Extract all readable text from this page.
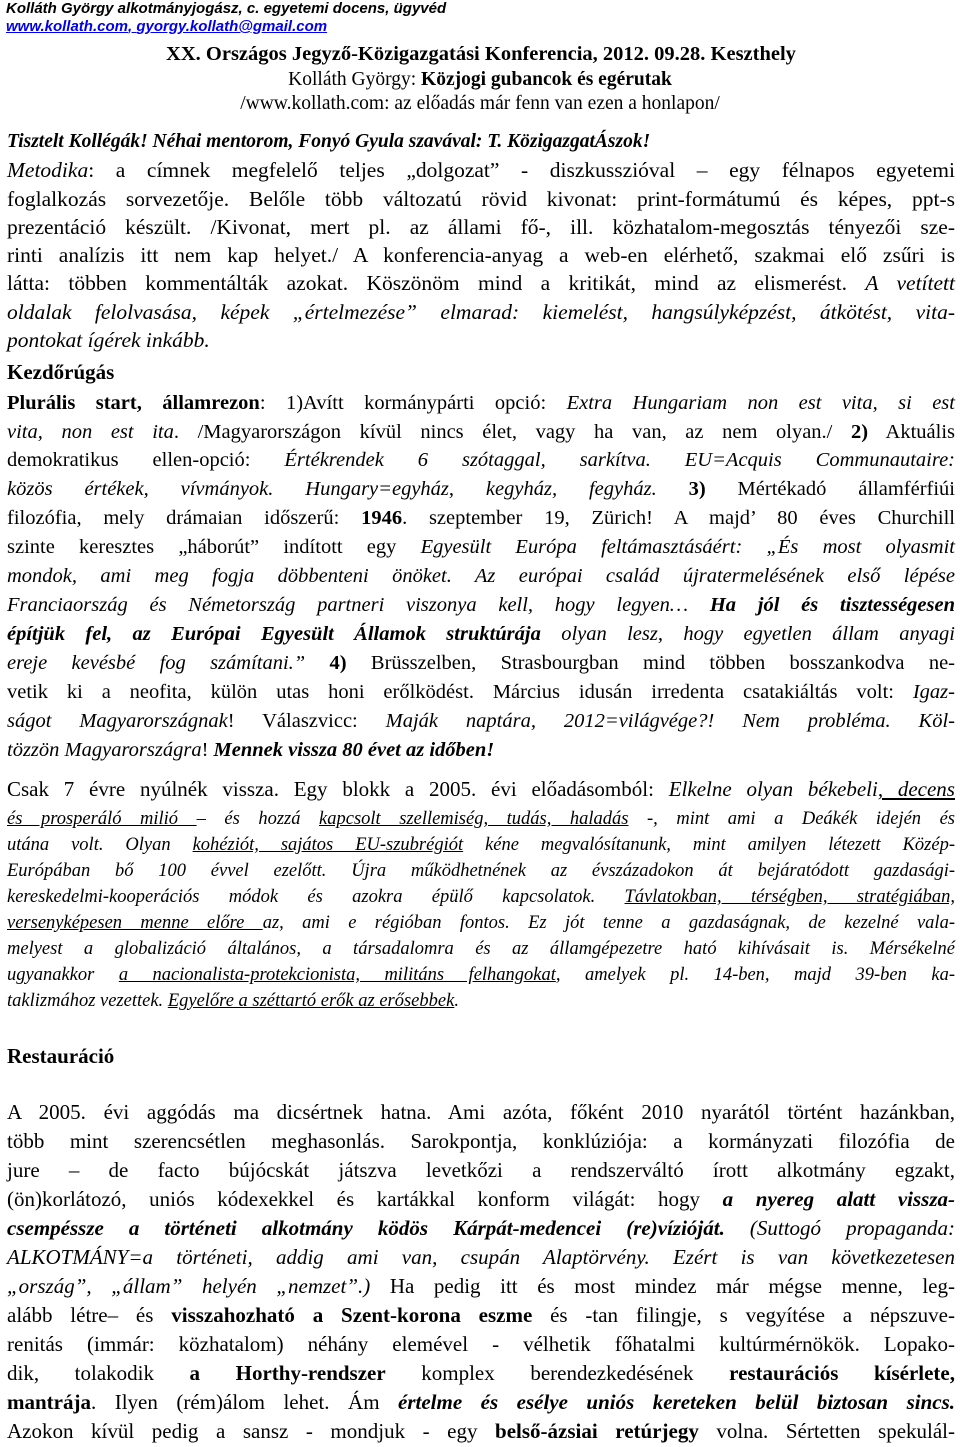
Kolláth György alkotmányjogász, c. egyetemi docens, ügyvéd
www.kollath.com, gyorgy.kollath@gmail.com
XX. Országos Jegyző-Közigazgatási Konferencia, 2012. 09.28. Keszthely
Kolláth György: Közjogi gubancok és egérutak
/www.kollath.com: az előadás már fenn van ezen a honlapon/
Tisztelt Kollégák! Néhai mentorom, Fonyó Gyula szavával: T. KözigazgatÁszok!
Metodika: a címnek megfelelő teljes „dolgozat” - diszkusszióval – egy félnapos egyetemi
foglalkozás sorvezetője. Belőle több változatú rövid kivonat: print-formátumú és képes, ppt-s
prezentáció készült. /Kivonat, mert pl. az állami fő-, ill. közhatalom-megosztás tényezői sze-
rinti analízis itt nem kap helyet./ A konferencia-anyag a web-en elérhető, szakmai elő zsűri is
látta: többen kommentálták azokat. Köszönöm mind a kritikát, mind az elismerést. A vetített
oldalak felolvasása, képek „értelmezése” elmarad: kiemelést, hangsúlyképzést, átkötést, vita-
pontokat ígérek inkább.
Kezdőrúgás
Plurális start, államrezon: 1)Avítt kormánypárti opció: Extra Hungariam non est vita, si est
vita, non est ita. /Magyarországon kívül nincs élet, vagy ha van, az nem olyan./ 2) Aktuális
demokratikus ellen-opció: Értékrendek 6 szótaggal, sarkítva. EU=Acquis Communautaire:
közös értékek, vívmányok. Hungary=egyház, kegyház, fegyház. 3) Mértékadó államférfiúi
filozófia, mely drámaian időszerű: 1946. szeptember 19, Zürich! A majd’ 80 éves Churchill
szinte keresztes „háborút” indított egy Egyesült Európa feltámasztásáért: „És most olyasmit
mondok, ami meg fogja döbbenteni önöket. Az európai család újratermelésének első lépése
Franciaország és Németország partneri viszonya kell, hogy legyen… Ha jól és tisztességesen
építjük fel, az Európai Egyesült Államok struktúrája olyan lesz, hogy egyetlen állam anyagi
ereje kevésbé fog számítani.” 4) Brüsszelben, Strasbourgban mind többen bosszankodva ne-
vetik ki a neofita, külön utas honi erőlködést. Március idusán irredenta csatakiáltás volt: Igaz-
ságot Magyarországnak! Válaszvicc: Maják naptára, 2012=világvége?! Nem probléma. Köl-
tözzön Magyarországra! Mennek vissza 80 évet az időben!
Csak 7 évre nyúlnék vissza. Egy blokk a 2005. évi előadásomból: Elkelne olyan békebeli, decens
és prosperáló milió – és hozzá kapcsolt szellemiség, tudás, haladás -, mint ami a Deákék idején és
utána volt. Olyan kohéziót, sajátos EU-szubrégiót kéne megvalósítanunk, mint amilyen létezett Közép-
Európában bő 100 évvel ezelőtt. Újra működhetnének az évszázadokon át bejáratódott gazdasági-
kereskedelmi-kooperációs módok és azokra épülő kapcsolatok. Távlatokban, térségben, stratégiában,
versenyképesen menne előre az, ami e régióban fontos. Ez jót tenne a gazdaságnak, de kezelné vala-
melyest a globalizáció általános, a társadalomra és az államgépezetre ható kihívásait is. Mérsékelné
ugyanakkor a nacionalista-protekcionista, militáns felhangokat, amelyek pl. 14-ben, majd 39-ben ka-
taklizmához vezettek. Egyelőre a széttartó erők az erősebbek.
Restauráció
A 2005. évi aggódás ma dicsértnek hatna. Ami azóta, főként 2010 nyarától történt hazánkban,
több mint szerencsétlen meghasonlás. Sarokpontja, konklúziója: a kormányzati filozófia de
jure – de facto bújócskát játszva levetkőzi a rendszerváltó írott alkotmány egzakt,
(ön)korlátozó, uniós kódexekkel és kartákkal konform világát: hogy a nyereg alatt vissza-
csempéssze a történeti alkotmány ködös Kárpát-medencei (re)vízióját. (Suttogó propaganda:
ALKOTMÁNY=a történeti, addig ami van, csupán Alaptörvény. Ezért is van következetesen
„ország”, „állam” helyén „nemzet”.) Ha pedig itt és most mindez már mégse menne, leg-
alább létre– és visszahozható a Szent-korona eszme és -tan filingje, s vegyítése a népszuve-
renitás (immár: közhatalom) néhány elemével - vélhetik főhatalmi kultúrmérnökök. Lopako-
dik, tolakodik a Horthy-rendszer komplex berendezkedésének restaurációs kísérlete,
mantrája. Ilyen (rém)álom lehet. Ám értelme és esélye uniós kereteken belül biztosan sincs.
Azokon kívül pedig a sansz - mondjuk - egy belső-ázsiai retúrjegy volna. Sértetten spekulál-
